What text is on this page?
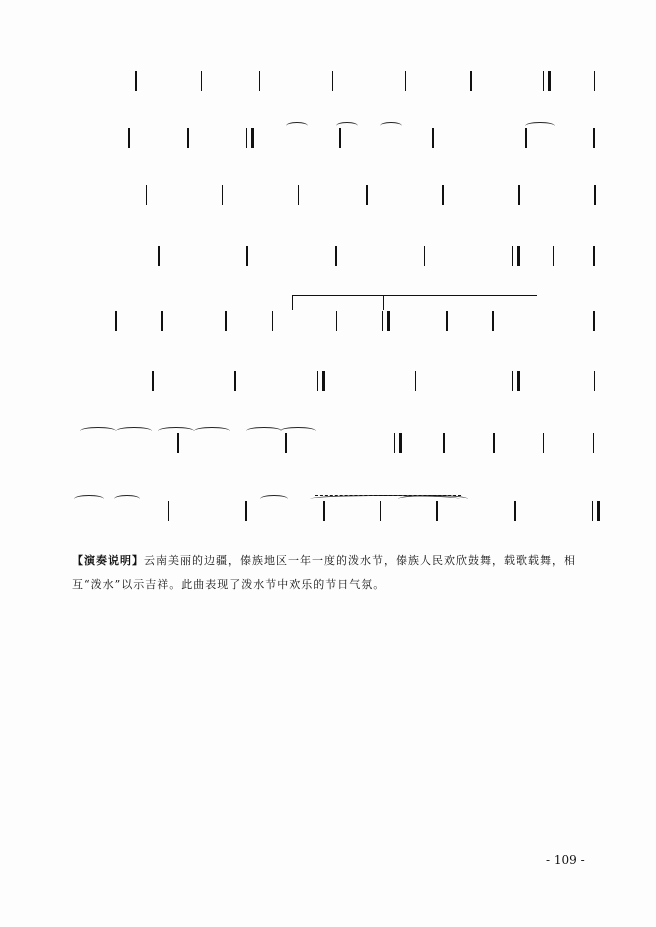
【演奏说明】云南美丽的边疆，傣族地区一年一度的泼水节，傣族人民欢欣鼓舞，载歌载舞，相互“泼水”以示吉祥。此曲表现了泼水节中欢乐的节日气氛。
- 109 -
